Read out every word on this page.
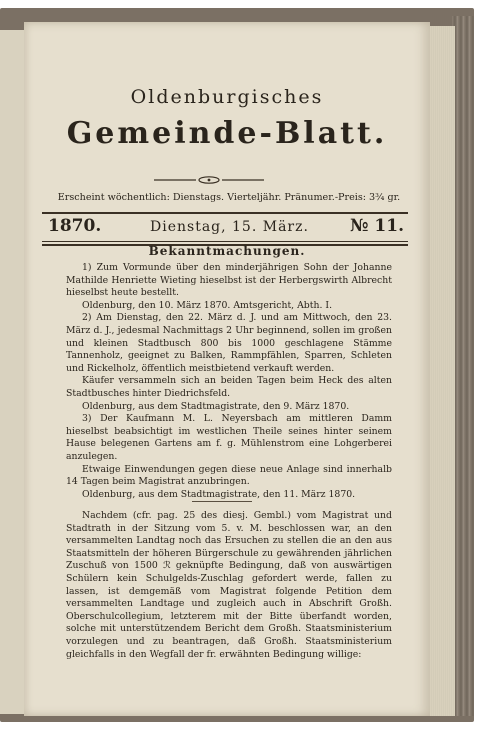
Oldenburgisches
Gemeinde-Blatt.
Erscheint wöchentlich: Dienstags. Vierteljähr. Pränumer.-Preis: 3¾ gr.
1870.	Dienstag, 15. März. № 11.
Bekanntmachungen.

1) Zum Vormunde über den minderjährigen Sohn der Johanne Mathilde Henriette Wieting hieselbst ist der Herbergswirth Albrecht hieselbst heute bestellt.

Oldenburg, den 10. März 1870. Amtsgericht, Abth. I.

2) Am Dienstag, den 22. März d. J. und am Mittwoch, den 23. März d. J., jedesmal Nachmittags 2 Uhr beginnend, sollen im großen und kleinen Stadtbusch 800 bis 1000 geschlagene Stämme Tannenholz, geeignet zu Balken, Rammpfählen, Sparren, Schleten und Rickelholz, öffentlich meistbietend verkauft werden.

Käufer versammeln sich an beiden Tagen beim Heck des alten Stadtbusches hinter Diedrichsfeld.

Oldenburg, aus dem Stadtmagistrate, den 9. März 1870.

3) Der Kaufmann M. L. Neyersbach am mittleren Damm hieselbst beabsichtigt im westlichen Theile seines hinter seinem Hause belegenen Gartens am f. g. Mühlenstrom eine Lohgerberei anzulegen.

Etwaige Einwendungen gegen diese neue Anlage sind innerhalb 14 Tagen beim Magistrat anzubringen.

Oldenburg, aus dem Stadtmagistrate, den 11. März 1870.

Nachdem (cfr. pag. 25 des diesj. Gembl.) vom Magistrat und Stadtrath in der Sitzung vom 5. v. M. beschlossen war, an den versammelten Landtag noch das Ersuchen zu stellen die an den aus Staatsmitteln der höheren Bürgerschule zu gewährenden jährlichen Zuschuß von 1500 ℛ geknüpfte Bedingung, daß von auswärtigen Schülern kein Schulgelds-Zuschlag gefordert werde, fallen zu lassen, ist demgemäß vom Magistrat folgende Petition dem versammelten Landtage und zugleich auch in Abschrift Großh. Oberschulcollegium, letzterem mit der Bitte überfandt worden, solche mit unterstützendem Bericht dem Großh. Staatsministerium vorzulegen und zu beantragen, daß Großh. Staatsministerium gleichfalls in den Wegfall der fr. erwähnten Bedingung willige:
